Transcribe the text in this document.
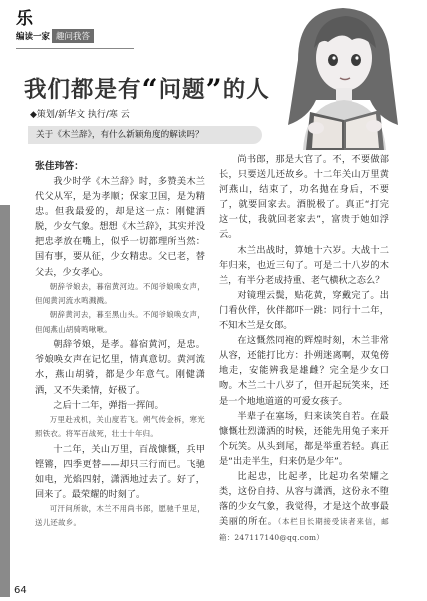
乐
编读一家 趣问我答
我们都是有“问题”的人
◆策划/新华文 执行/寒 云
关于《木兰辞》，有什么新颖角度的解读吗？
张佳玮答：

我少时学《木兰辞》时，多赞美木兰代父从军，是为孝顺；保家卫国，是为精忠。但我最爱的，却是这一点：刚健洒脱，少女气象。想想《木兰辞》，其实并没把忠孝放在嘴上，似乎一切都理所当然：国有事，要从征，少女精忠。父已老，替父去，少女孝心。

朝辞爷娘去，暮宿黄河边。不闻爷娘唤女声，但闻黄河流水鸣溅溅。

朝辞黄河去，暮至黑山头。不闻爷娘唤女声，但闻燕山胡骑鸣啾啾。

朝辞爷娘，是孝。暮宿黄河，是忠。爷娘唤女声在记忆里，情真意切。黄河流水，燕山胡骑，都是少年意气。刚健潇洒，又不失柔情，好极了。

之后十二年，弹指一挥间。

万里赴戎机，关山度若飞。朔气传金柝，寒光照铁衣。将军百战死，壮士十年归。

十二年，关山万里，百战慷慨，兵甲铿锵，四季更替——却只三行而已。飞驰如电，光焰四射，潇洒地过去了。好了，回来了。最荣耀的时刻了。

可汗问所欲，木兰不用尚书郎，愿驰千里足，送儿还故乡。

尚书郎，那是大官了。不，不要做部长，只要送儿还故乡。十二年关山万里黄河燕山，结束了，功名抛在身后，不要了，就要回家去。酒脱极了。真正“打完这一仗，我就回老家去”，富贵于她如浮云。

木兰出战时，算她十六岁。大战十二年归来，也近三旬了。可是二十八岁的木兰，有半分老成持重、老气横秋之态么？

对镜理云鬓，贴花黄，穿戴完了。出门看伙伴，伙伴都吓一跳：同行十二年，不知木兰是女郎。

在这慨然同袍的辉煌时刻，木兰非常从容，还能打比方：扑朔迷离啊，双兔傍地走，安能辨我是雄雌？完全是少女口吻。木兰二十八岁了，但开起玩笑来，还是一个地地道道的可爱女孩子。

半辈子在塞场，归来读笑自若。在最慷慨壮烈潇洒的时候，还能先用兔子来开个玩笑。从头到尾，都是举重若轻。真正是“出走半生，归来仍是少年”。

比起忠，比起孝，比起功名荣耀之类，这份自持、从容与潇洒，这份永不堕落的少女气象，我觉得，才是这个故事最美丽的所在。（本栏目长期接受读者来信，邮箱：247117140@qq.com）

64
